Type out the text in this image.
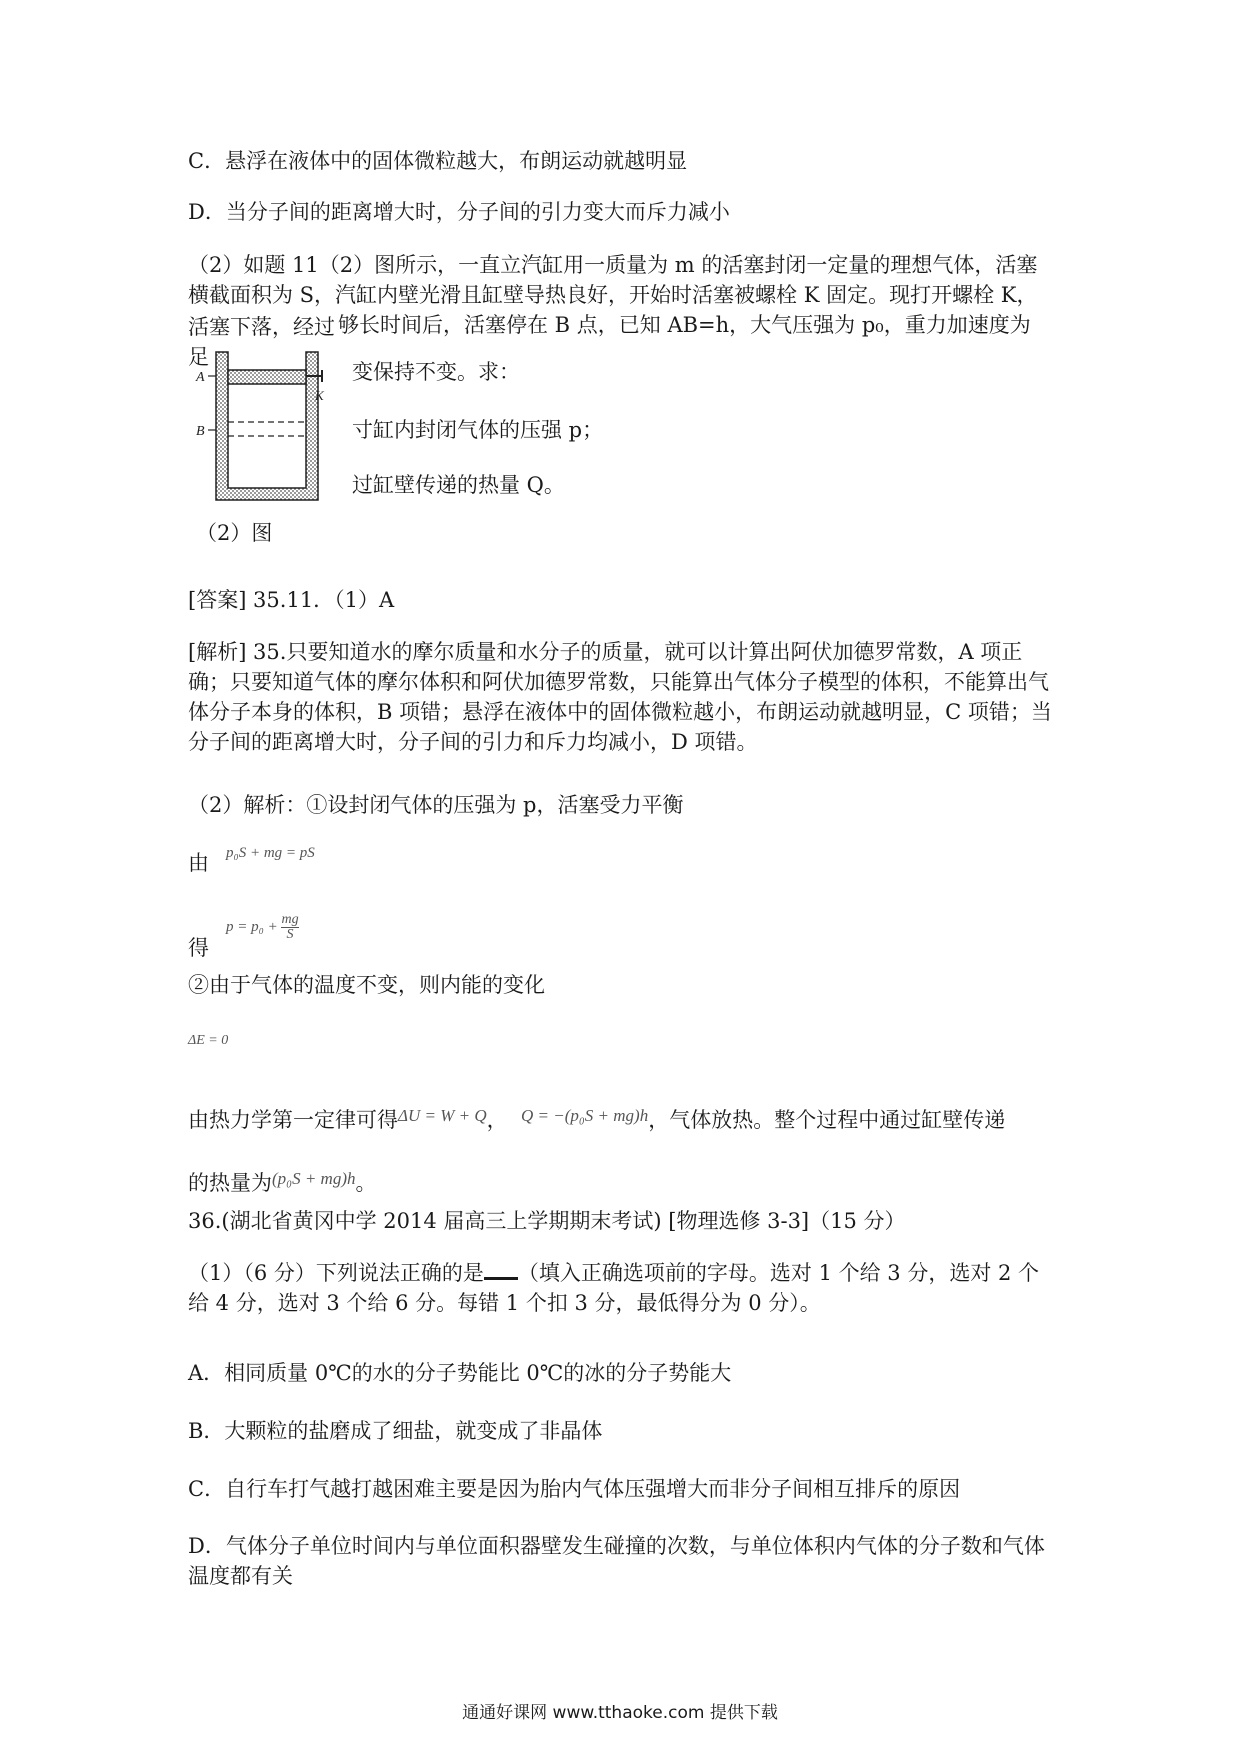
C．悬浮在液体中的固体微粒越大，布朗运动就越明显
D．当分子间的距离增大时，分子间的引力变大而斥力减小
（2）如题 11（2）图所示，一直立汽缸用一质量为 m 的活塞封闭一定量的理想气体，活塞
横截面积为 S，汽缸内壁光滑且缸壁导热良好，开始时活塞被螺栓 K 固定。现打开螺栓 K，
活塞下落，经过足
够长时间后，活塞停在 B 点，已知 AB=h，大气压强为 p₀，重力加速度为
变保持不变。求：
寸缸内封闭气体的压强 p；
过缸壁传递的热量 Q。
A
B
K
（2）图
[答案] 35.11．（1）A
[解析] 35.只要知道水的摩尔质量和水分子的质量，就可以计算出阿伏加德罗常数，A 项正确；只要知道气体的摩尔体积和阿伏加德罗常数，只能算出气体分子模型的体积，不能算出气体分子本身的体积，B 项错；悬浮在液体中的固体微粒越小，布朗运动就越明显，C 项错；当分子间的距离增大时，分子间的引力和斥力均减小，D 项错。
（2）解析：①设封闭气体的压强为 p，活塞受力平衡
由 p₀S + mg = pS
得
p = p₀ +
$\frac{mg}{S}$
②由于气体的温度不变，则内能的变化
ΔE = 0
由热力学第一定律可得$^{\Delta U = W + Q}$， $^{Q = -(p_0S + mg)h}$，气体放热。整个过程中通过缸壁传递
的热量为$^{(p_0S + mg)h}$。
36.(湖北省黄冈中学 2014 届高三上学期期末考试) [物理选修 3-3]（15 分）
（1）（6 分）下列说法正确的是 （填入正确选项前的字母。选对 1 个给 3 分，选对 2 个给 4 分，选对 3 个给 6 分。每错 1 个扣 3 分，最低得分为 0 分）。
A．相同质量 0℃的水的分子势能比 0℃的冰的分子势能大
B．大颗粒的盐磨成了细盐，就变成了非晶体
C．自行车打气越打越困难主要是因为胎内气体压强增大而非分子间相互排斥的原因
D．气体分子单位时间内与单位面积器壁发生碰撞的次数，与单位体积内气体的分子数和气体温度都有关
通通好课网 www.tthaoke.com 提供下载
